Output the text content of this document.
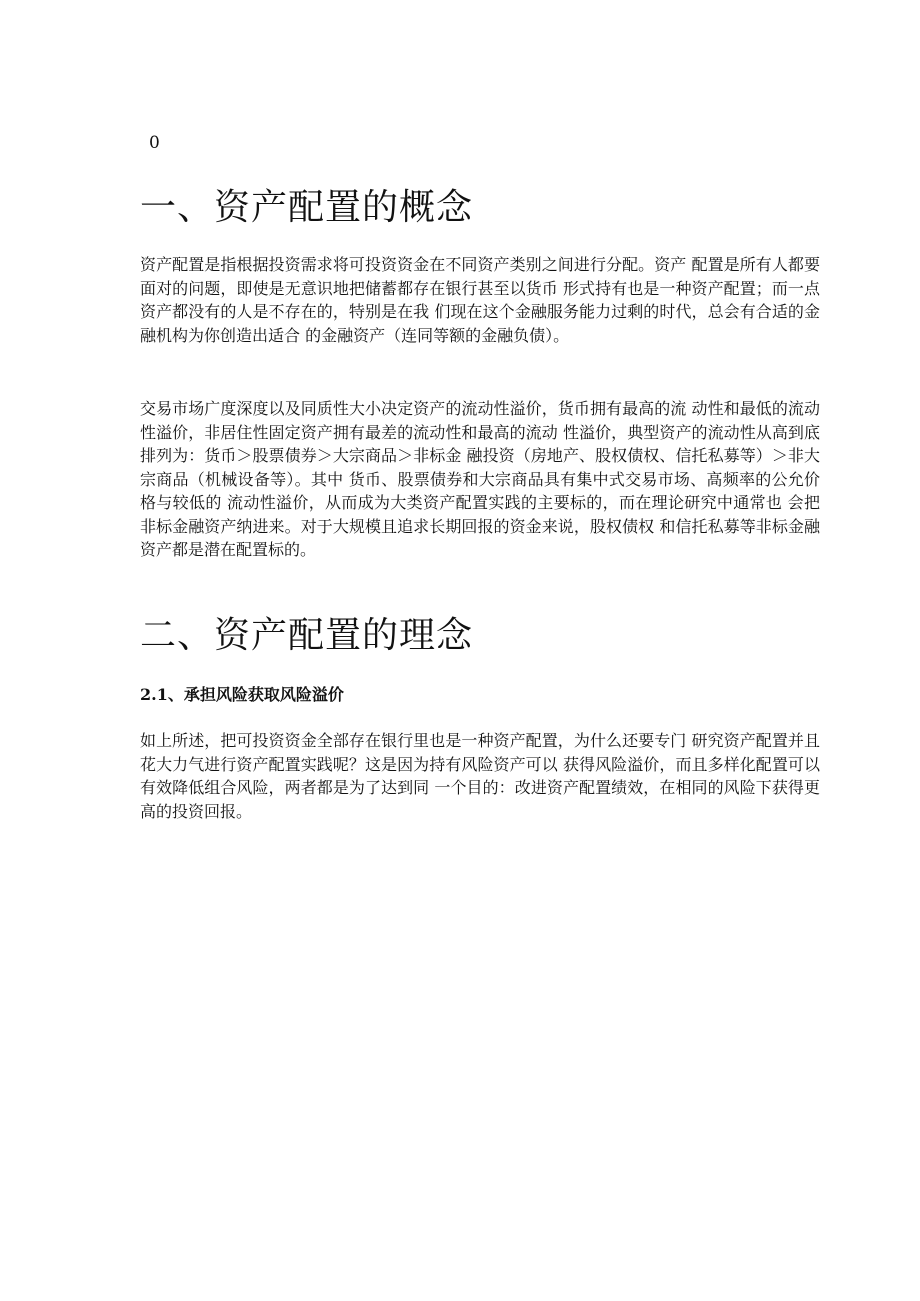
0
一、资产配置的概念

资产配置是指根据投资需求将可投资资金在不同资产类别之间进行分配。资产 配置是所有人都要面对的问题，即使是无意识地把储蓄都存在银行甚至以货币 形式持有也是一种资产配置；而一点资产都没有的人是不存在的，特别是在我 们现在这个金融服务能力过剩的时代，总会有合适的金融机构为你创造出适合 的金融资产（连同等额的金融负债）。

交易市场广度深度以及同质性大小决定资产的流动性溢价，货币拥有最高的流 动性和最低的流动性溢价，非居住性固定资产拥有最差的流动性和最高的流动 性溢价，典型资产的流动性从高到底排列为：货币＞股票债券＞大宗商品＞非标金 融投资（房地产、股权债权、信托私募等）＞非大宗商品（机械设备等）。其中 货币、股票债券和大宗商品具有集中式交易市场、高频率的公允价格与较低的 流动性溢价，从而成为大类资产配置实践的主要标的，而在理论研究中通常也 会把非标金融资产纳进来。对于大规模且追求长期回报的资金来说，股权债权 和信托私募等非标金融资产都是潜在配置标的。

二、资产配置的理念
2.1、承担风险获取风险溢价

如上所述，把可投资资金全部存在银行里也是一种资产配置，为什么还要专门 研究资产配置并且花大力气进行资产配置实践呢？这是因为持有风险资产可以 获得风险溢价，而且多样化配置可以有效降低组合风险，两者都是为了达到同 一个目的：改进资产配置绩效，在相同的风险下获得更高的投资回报。
